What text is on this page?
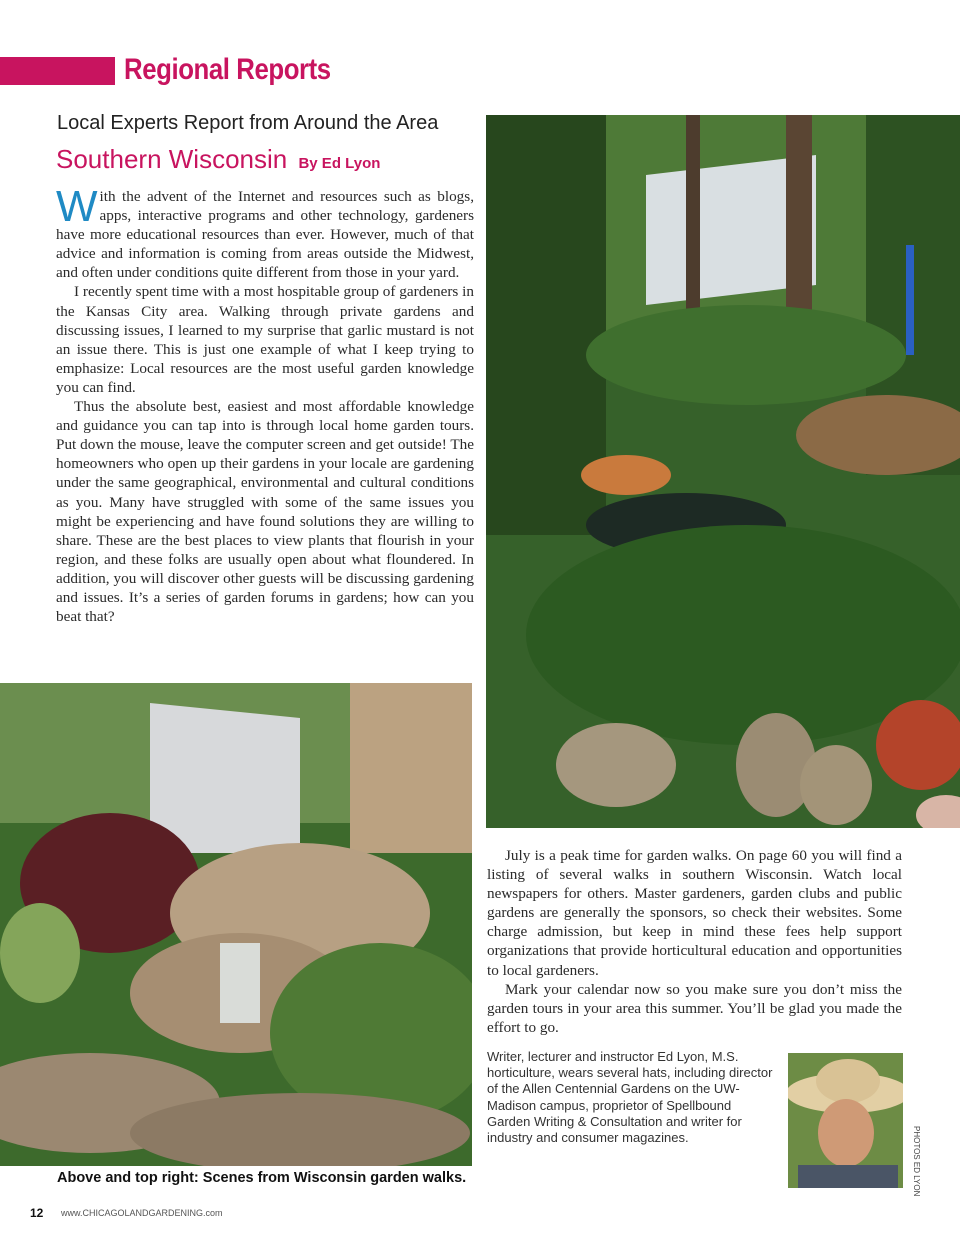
Regional Reports

Local Experts Report from Around the Area

Southern Wisconsin By Ed Lyon

With the advent of the Internet and resources such as blogs, apps, interactive programs and other technology, gardeners have more educational resources than ever. However, much of that advice and information is coming from areas outside the Midwest, and often under conditions quite different from those in your yard.

I recently spent time with a most hospitable group of gardeners in the Kansas City area. Walking through private gardens and discussing issues, I learned to my surprise that garlic mustard is not an issue there. This is just one example of what I keep trying to emphasize: Local resources are the most useful garden knowledge you can find.

Thus the absolute best, easiest and most affordable knowledge and guidance you can tap into is through local home garden tours. Put down the mouse, leave the computer screen and get outside! The homeowners who open up their gardens in your locale are gardening under the same geographical, environmental and cultural conditions as you. Many have struggled with some of the same issues you might be experiencing and have found solutions they are willing to share. These are the best places to view plants that flourish in your region, and these folks are usually open about what floundered. In addition, you will discover other guests will be discussing gardening and issues. It’s a series of garden forums in gardens; how can you beat that?

July is a peak time for garden walks. On page 60 you will find a listing of several walks in southern Wisconsin. Watch local newspapers for others. Master gardeners, garden clubs and public gardens are generally the sponsors, so check their websites. Some charge admission, but keep in mind these fees help support organizations that provide horticultural education and opportunities to local gardeners.

Mark your calendar now so you make sure you don’t miss the garden tours in your area this summer. You’ll be glad you made the effort to go.

Writer, lecturer and instructor Ed Lyon, M.S. horticulture, wears several hats, including director of the Allen Centennial Gardens on the UW-Madison campus, proprietor of Spellbound Garden Writing & Consultation and writer for industry and consumer magazines.	PHOTOS ED LYON

Above and top right: Scenes from Wisconsin garden walks.

12 www.CHICAGOLANDGARDENING.com
